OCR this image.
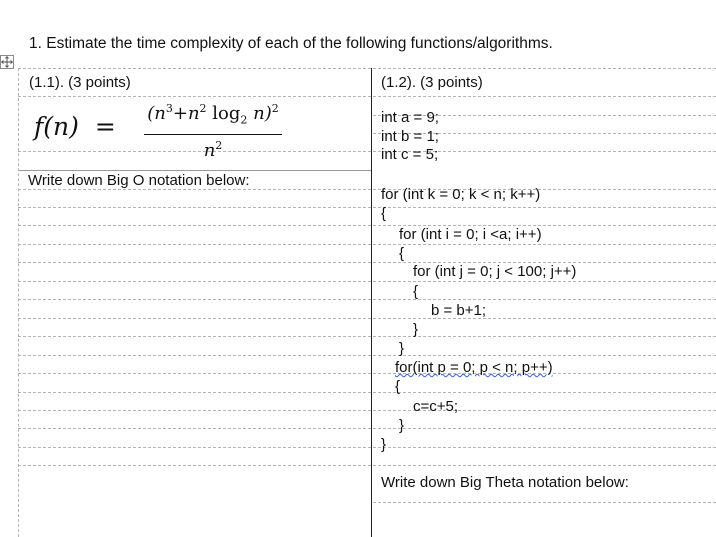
1. Estimate the time complexity of each of the following functions/algorithms.
(1.1). (3 points)	(1.2). (3 points)
f(n) =	($n^3+n^2$ $\log_2 n)^2$
$n^2$
Write down Big O notation below:
int a = 9;
int b = 1;
int c = 5;
for (int k = 0; k < n; k++)
{
for (int i = 0; i <a; i++)
{
for (int j = 0; j < 100; j++)
{
b = b+1;
}
}
for(int p = 0; p < n; p++)
{
c=c+5;
}
}
Write down Big Theta notation below:
